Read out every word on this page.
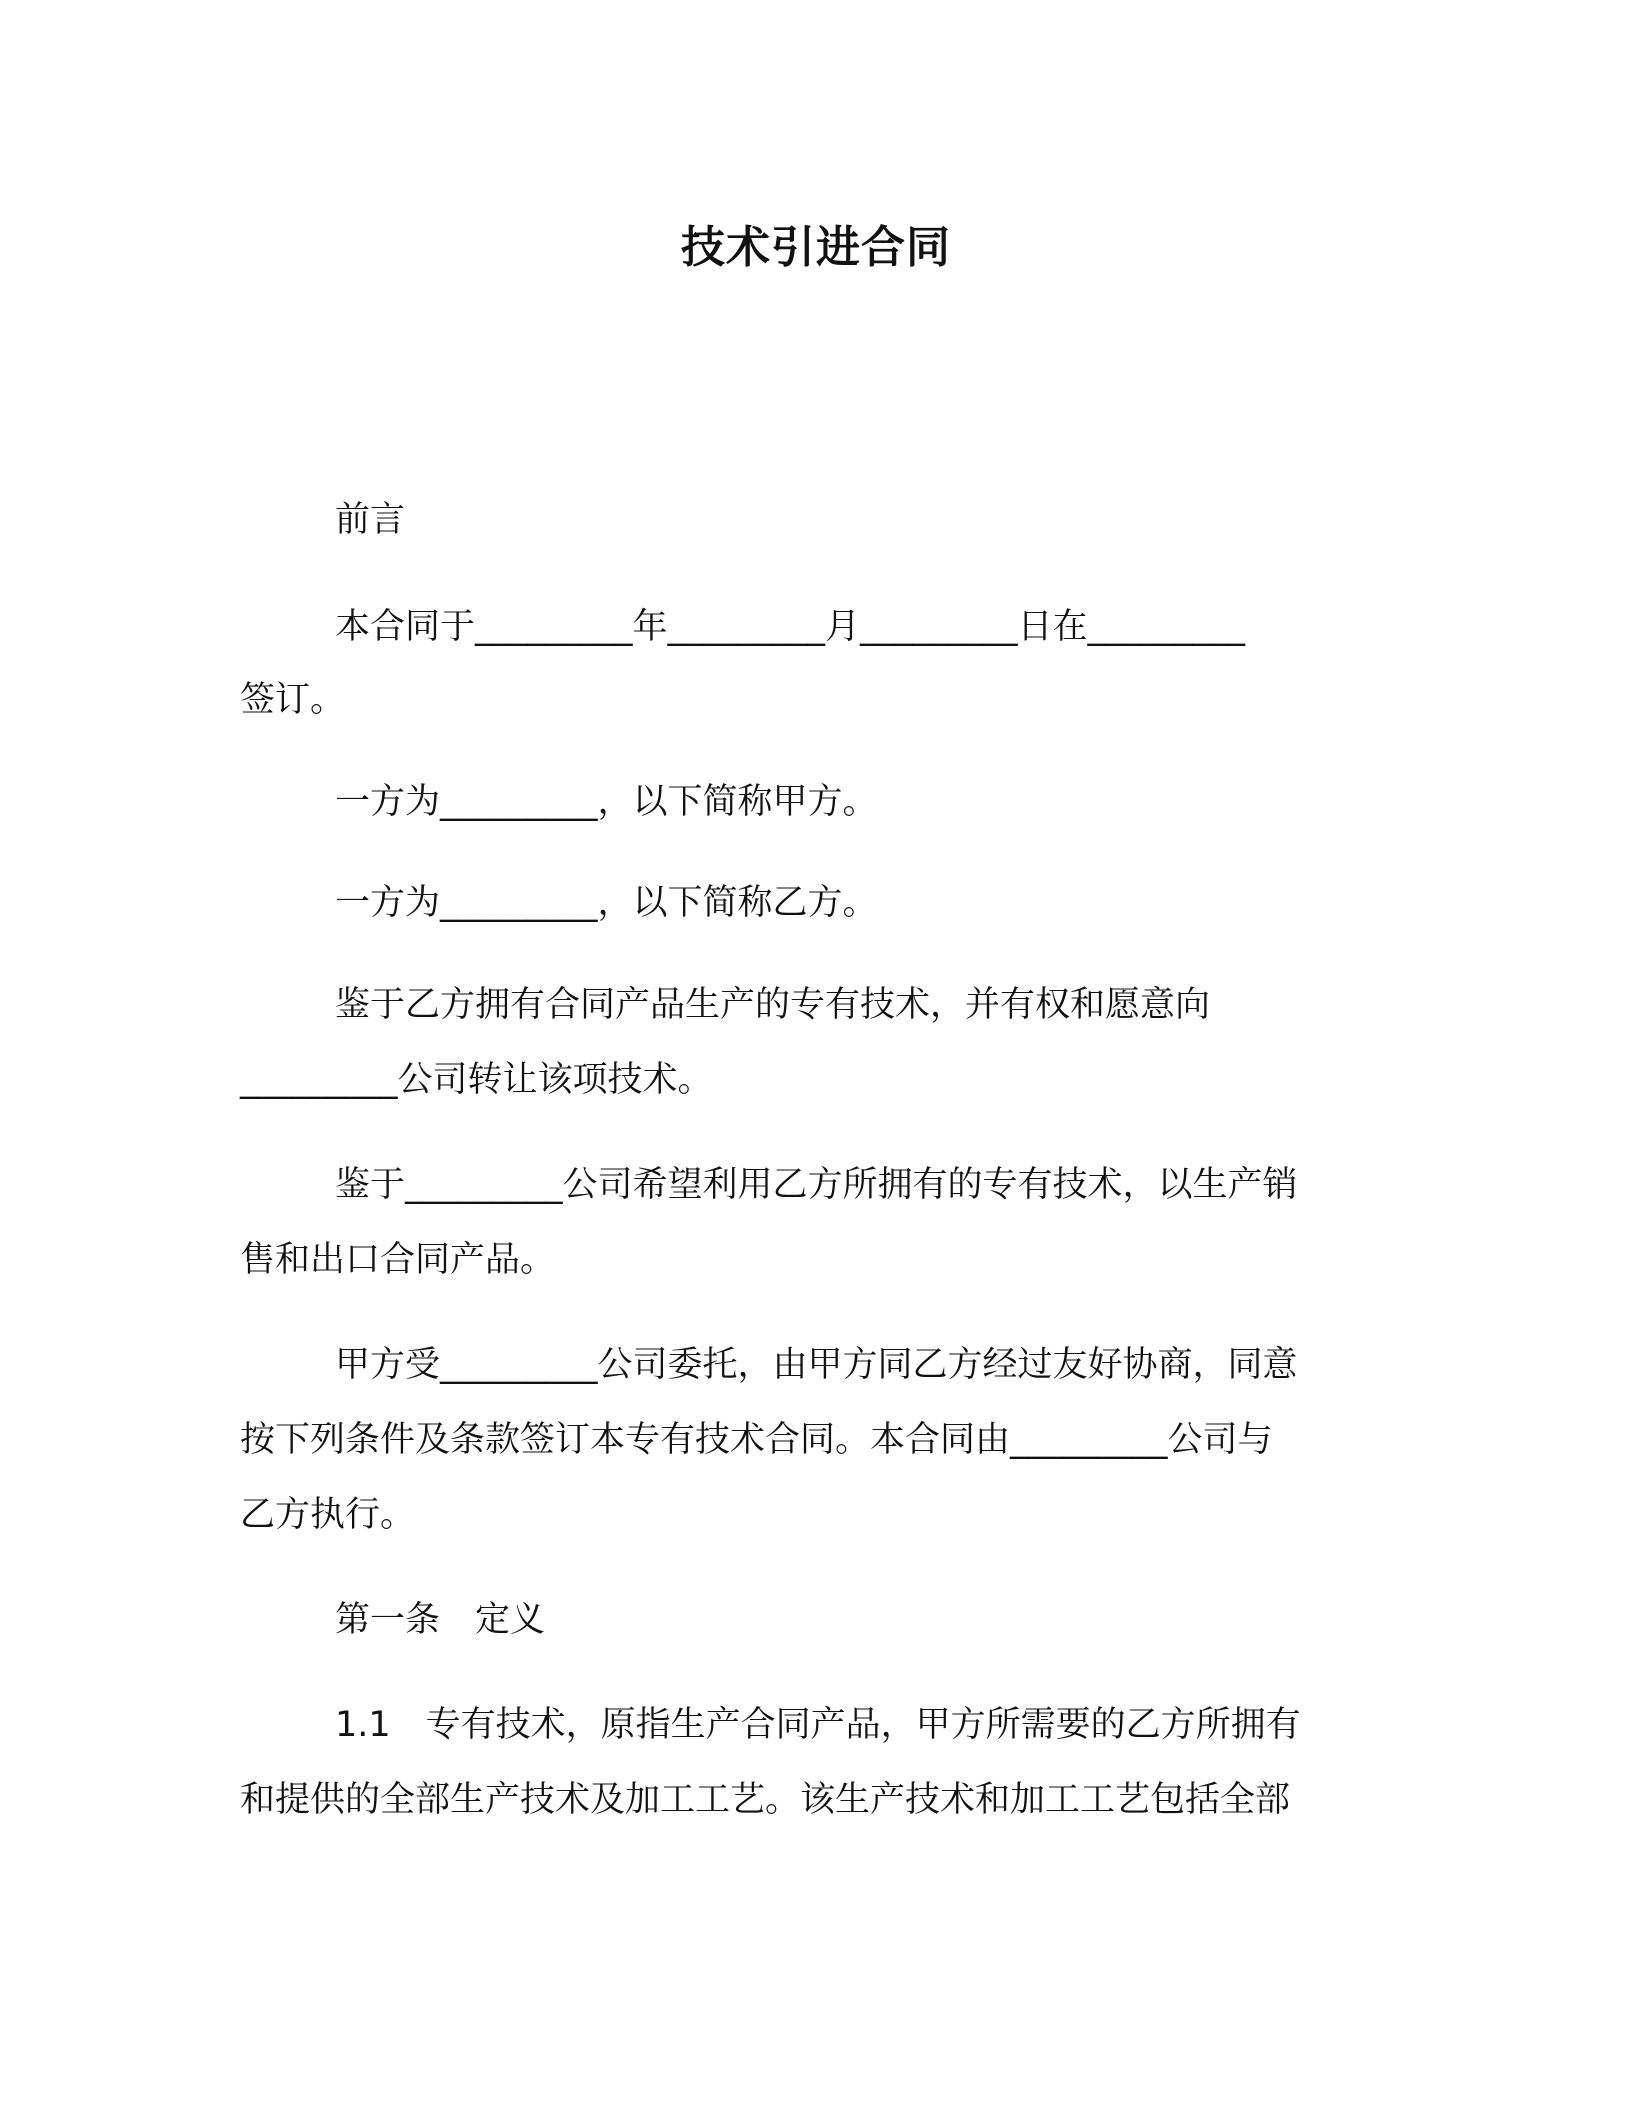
技术引进合同
前言
本合同于_________年_________月_________日在_________
签订。
一方为_________，以下简称甲方。
一方为_________，以下简称乙方。
鉴于乙方拥有合同产品生产的专有技术，并有权和愿意向
_________公司转让该项技术。
鉴于_________公司希望利用乙方所拥有的专有技术，以生产销
售和出口合同产品。
甲方受_________公司委托，由甲方同乙方经过友好协商，同意
按下列条件及条款签订本专有技术合同。本合同由_________公司与
乙方执行。
第一条　定义
1.1　专有技术，原指生产合同产品，甲方所需要的乙方所拥有
和提供的全部生产技术及加工工艺。该生产技术和加工工艺包括全部
